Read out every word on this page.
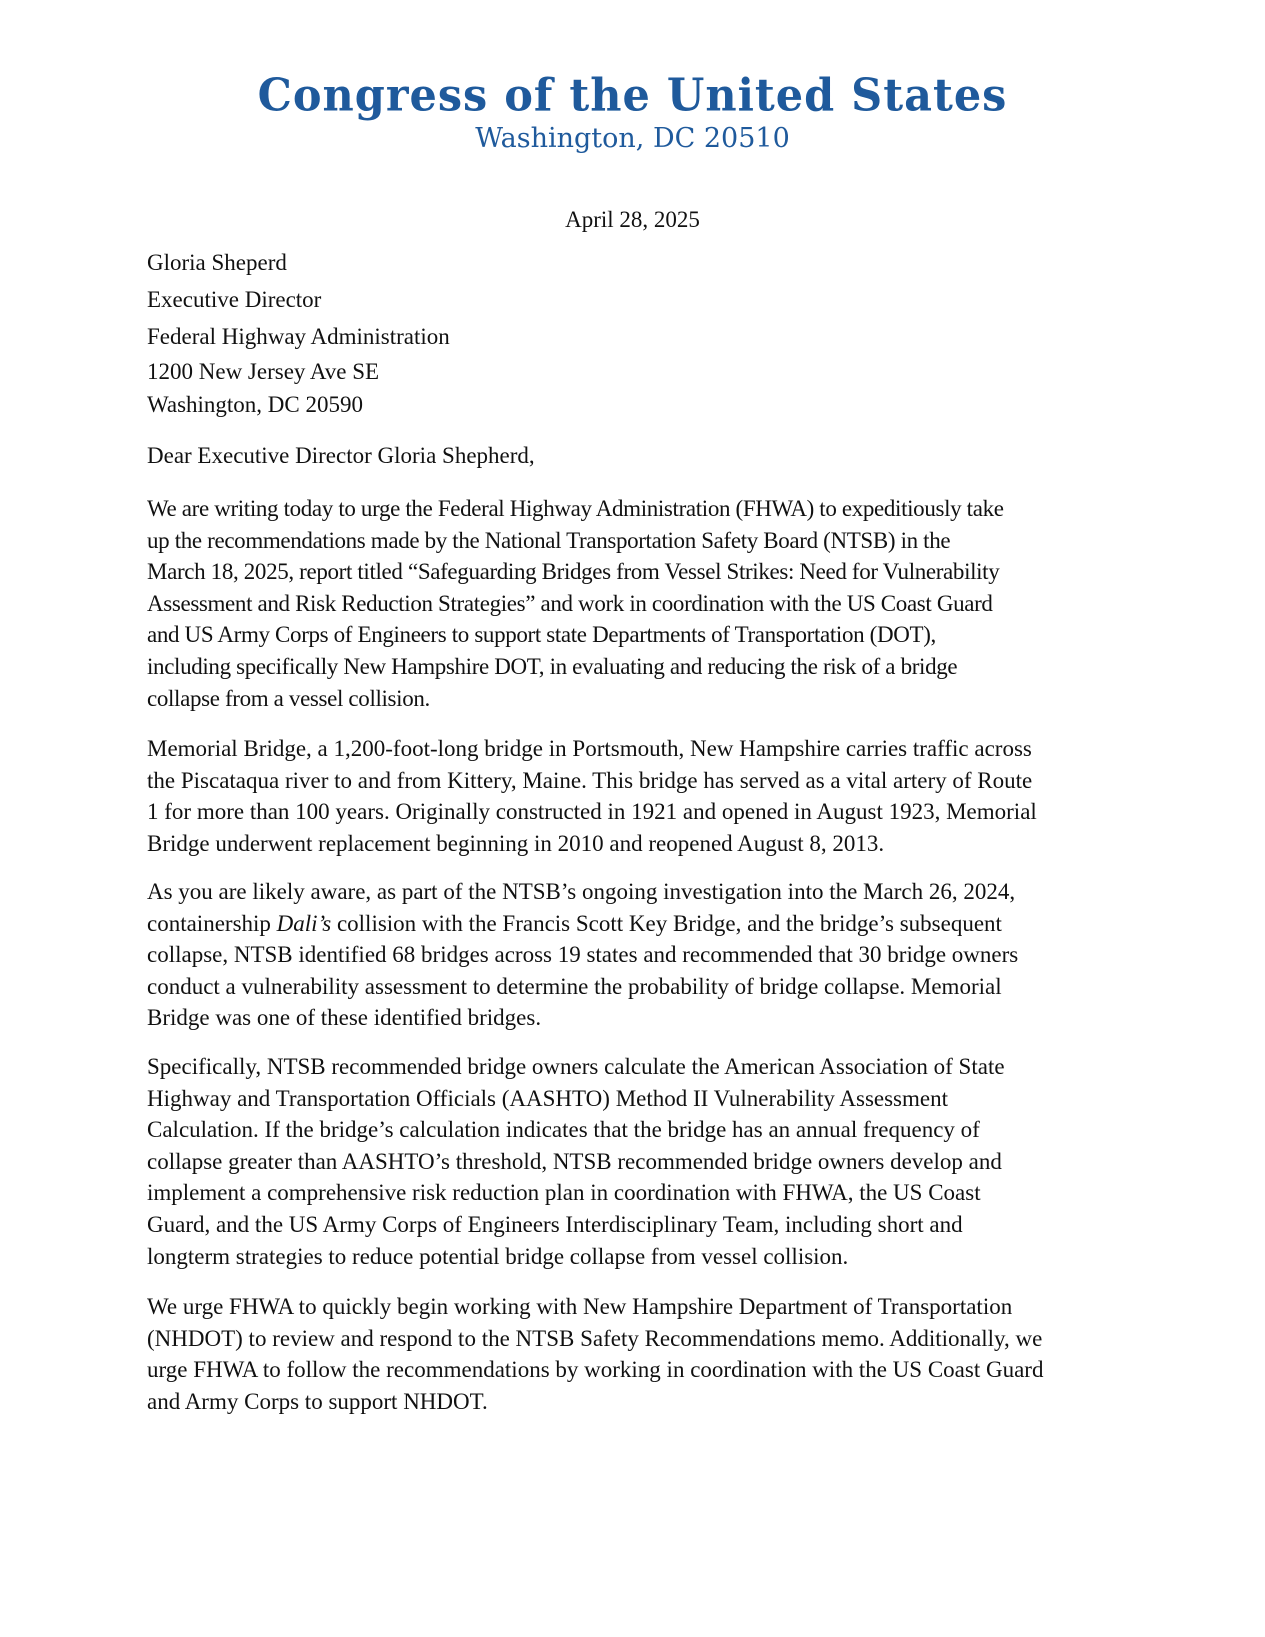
Congress of the United States
Washington, DC 20510
April 28, 2025
Gloria Sheperd
Executive Director
Federal Highway Administration
1200 New Jersey Ave SE
Washington, DC 20590
Dear Executive Director Gloria Shepherd,
We are writing today to urge the Federal Highway Administration (FHWA) to expeditiously take
up the recommendations made by the National Transportation Safety Board (NTSB) in the
March 18, 2025, report titled “Safeguarding Bridges from Vessel Strikes: Need for Vulnerability
Assessment and Risk Reduction Strategies” and work in coordination with the US Coast Guard
and US Army Corps of Engineers to support state Departments of Transportation (DOT),
including specifically New Hampshire DOT, in evaluating and reducing the risk of a bridge
collapse from a vessel collision.
Memorial Bridge, a 1,200-foot-long bridge in Portsmouth, New Hampshire carries traffic across
the Piscataqua river to and from Kittery, Maine. This bridge has served as a vital artery of Route
1 for more than 100 years. Originally constructed in 1921 and opened in August 1923, Memorial
Bridge underwent replacement beginning in 2010 and reopened August 8, 2013.
As you are likely aware, as part of the NTSB’s ongoing investigation into the March 26, 2024,
containership Dali’s collision with the Francis Scott Key Bridge, and the bridge’s subsequent
collapse, NTSB identified 68 bridges across 19 states and recommended that 30 bridge owners
conduct a vulnerability assessment to determine the probability of bridge collapse. Memorial
Bridge was one of these identified bridges.
Specifically, NTSB recommended bridge owners calculate the American Association of State
Highway and Transportation Officials (AASHTO) Method II Vulnerability Assessment
Calculation. If the bridge’s calculation indicates that the bridge has an annual frequency of
collapse greater than AASHTO’s threshold, NTSB recommended bridge owners develop and
implement a comprehensive risk reduction plan in coordination with FHWA, the US Coast
Guard, and the US Army Corps of Engineers Interdisciplinary Team, including short and
longterm strategies to reduce potential bridge collapse from vessel collision.
We urge FHWA to quickly begin working with New Hampshire Department of Transportation
(NHDOT) to review and respond to the NTSB Safety Recommendations memo. Additionally, we
urge FHWA to follow the recommendations by working in coordination with the US Coast Guard
and Army Corps to support NHDOT.
